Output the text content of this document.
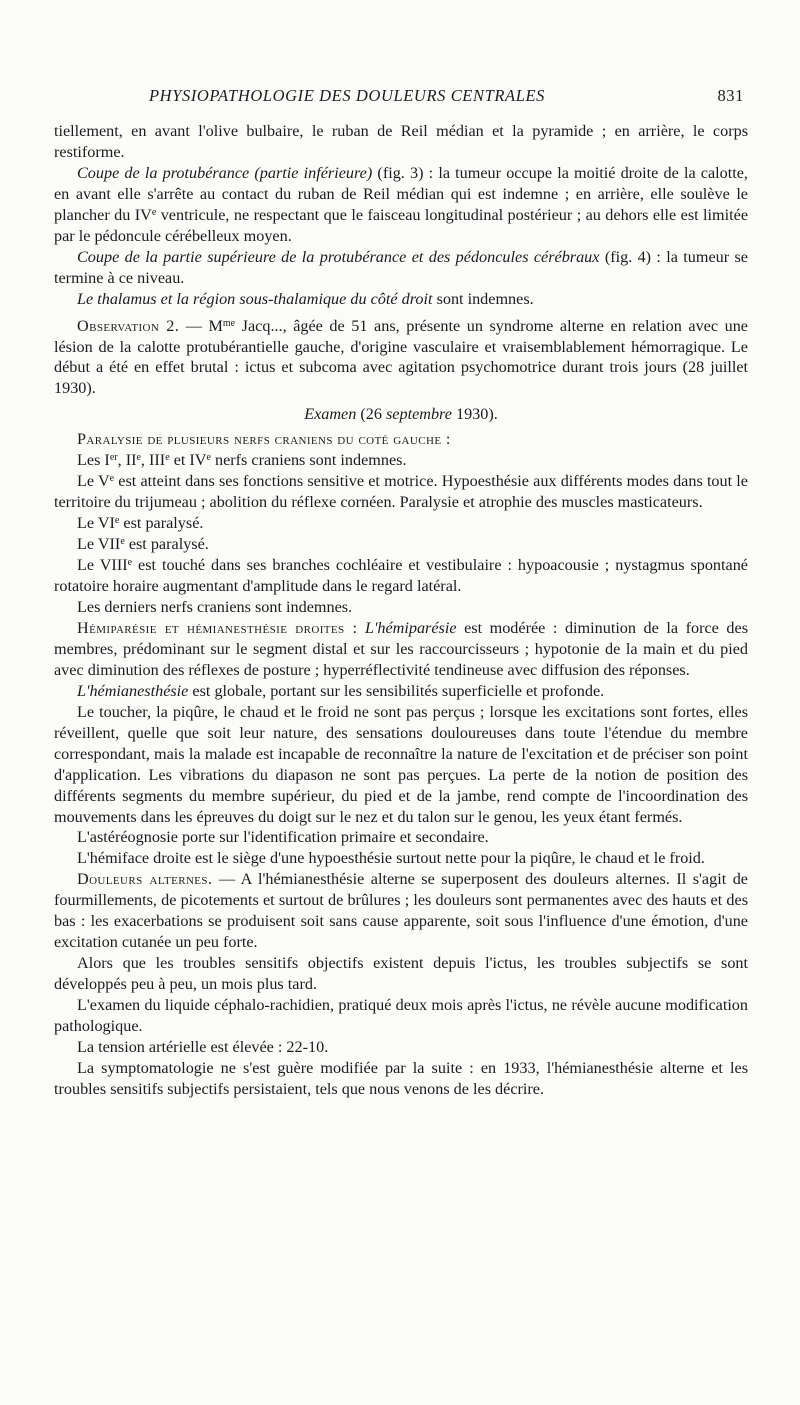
PHYSIOPATHOLOGIE DES DOULEURS CENTRALES	831

tiellement, en avant l'olive bulbaire, le ruban de Reil médian et la pyramide ; en arrière, le corps restiforme.

Coupe de la protubérance (partie inférieure) (fig. 3) : la tumeur occupe la moitié droite de la calotte, en avant elle s'arrête au contact du ruban de Reil médian qui est indemne ; en arrière, elle soulève le plancher du IVe ventricule, ne respectant que le faisceau longitudinal postérieur ; au dehors elle est limitée par le pédoncule cérébelleux moyen.

Coupe de la partie supérieure de la protubérance et des pédoncules cérébraux (fig. 4) : la tumeur se termine à ce niveau.

Le thalamus et la région sous-thalamique du côté droit sont indemnes.

Observation 2. — $M^{me}$ Jacq..., âgée de 51 ans, présente un syndrome alterne en relation avec une lésion de la calotte protubérantielle gauche, d'origine vasculaire et vraisemblablement hémorragique. Le début a été en effet brutal : ictus et subcoma avec agitation psychomotrice durant trois jours (28 juillet 1930).

Examen (26 septembre 1930).

Paralysie de plusieurs nerfs craniens du coté gauche :

Les Ier, IIe, IIIe et IVe nerfs craniens sont indemnes.

Le Ve est atteint dans ses fonctions sensitive et motrice. Hypoesthésie aux différents modes dans tout le territoire du trijumeau ; abolition du réflexe cornéen. Paralysie et atrophie des muscles masticateurs.

Le VIe est paralysé.

Le VIIe est paralysé.

Le VIIIe est touché dans ses branches cochléaire et vestibulaire : hypoacousie ; nystagmus spontané rotatoire horaire augmentant d'amplitude dans le regard latéral.

Les derniers nerfs craniens sont indemnes.

Hémiparésie et hémianesthésie droites : L'hémiparésie est modérée : diminution de la force des membres, prédominant sur le segment distal et sur les raccourcisseurs ; hypotonie de la main et du pied avec diminution des réflexes de posture ; hyperréflectivité tendineuse avec diffusion des réponses.

L'hémianesthésie est globale, portant sur les sensibilités superficielle et profonde.

Le toucher, la piqûre, le chaud et le froid ne sont pas perçus ; lorsque les excitations sont fortes, elles réveillent, quelle que soit leur nature, des sensations douloureuses dans toute l'étendue du membre correspondant, mais la malade est incapable de reconnaître la nature de l'excitation et de préciser son point d'application. Les vibrations du diapason ne sont pas perçues. La perte de la notion de position des différents segments du membre supérieur, du pied et de la jambe, rend compte de l'incoordination des mouvements dans les épreuves du doigt sur le nez et du talon sur le genou, les yeux étant fermés.

L'astéréognosie porte sur l'identification primaire et secondaire.

L'hémiface droite est le siège d'une hypoesthésie surtout nette pour la piqûre, le chaud et le froid.

Douleurs alternes. — A l'hémianesthésie alterne se superposent des douleurs alternes. Il s'agit de fourmillements, de picotements et surtout de brûlures ; les douleurs sont permanentes avec des hauts et des bas : les exacerbations se produisent soit sans cause apparente, soit sous l'influence d'une émotion, d'une excitation cutanée un peu forte.

Alors que les troubles sensitifs objectifs existent depuis l'ictus, les troubles subjectifs se sont développés peu à peu, un mois plus tard.

L'examen du liquide céphalo-rachidien, pratiqué deux mois après l'ictus, ne révèle aucune modification pathologique.

La tension artérielle est élevée : 22-10.

La symptomatologie ne s'est guère modifiée par la suite : en 1933, l'hémianesthésie alterne et les troubles sensitifs subjectifs persistaient, tels que nous venons de les décrire.
